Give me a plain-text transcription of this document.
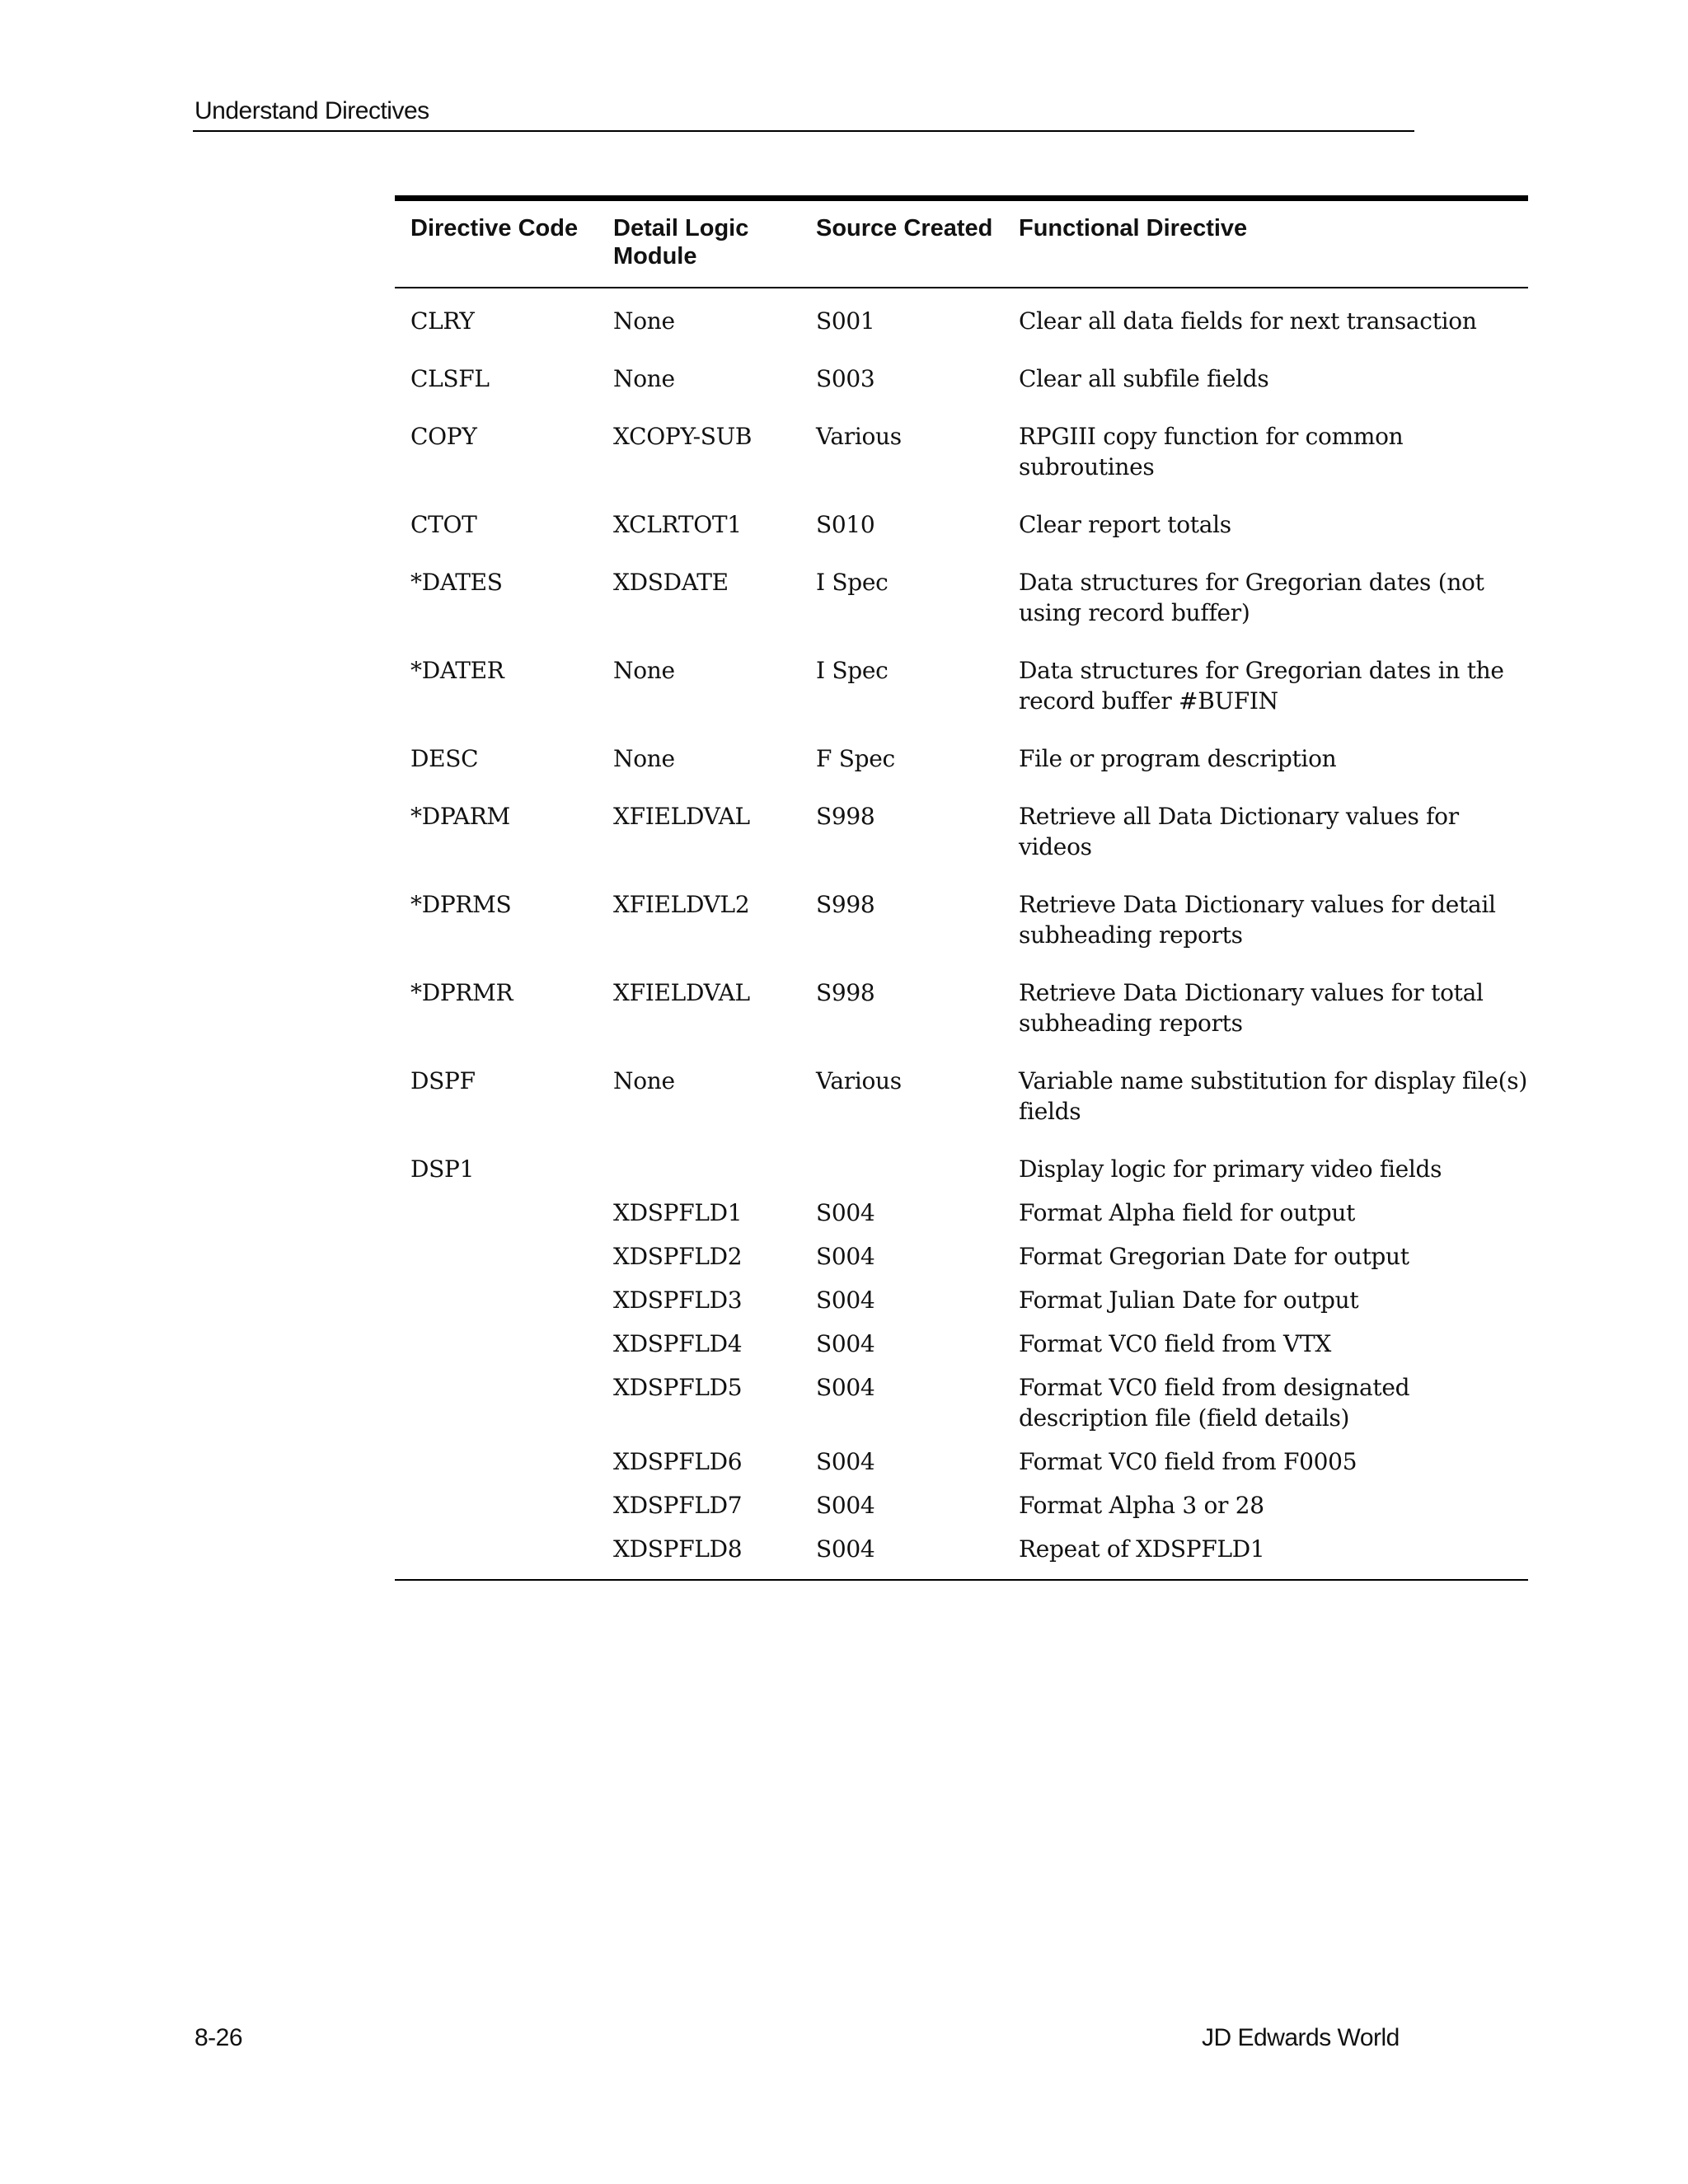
Understand Directives
Directive Code	Detail Logic Module	Source Created	Functional Directive
CLRY	None	S001	Clear all data fields for next transaction
CLSFL	None	S003	Clear all subfile fields
COPY	XCOPY-SUB	Various	RPGIII copy function for common subroutines
CTOT	XCLRTOT1	S010	Clear report totals
*DATES	XDSDATE	I Spec	Data structures for Gregorian dates (not using record buffer)
*DATER	None	I Spec	Data structures for Gregorian dates in the record buffer #BUFIN
DESC	None	F Spec	File or program description
*DPARM	XFIELDVAL	S998	Retrieve all Data Dictionary values for videos
*DPRMS	XFIELDVL2	S998	Retrieve Data Dictionary values for detail subheading reports
*DPRMR	XFIELDVAL	S998	Retrieve Data Dictionary values for total subheading reports
DSPF	None	Various	Variable name substitution for display file(s) fields
DSP1			Display logic for primary video fields
	XDSPFLD1	S004	Format Alpha field for output
	XDSPFLD2	S004	Format Gregorian Date for output
	XDSPFLD3	S004	Format Julian Date for output
	XDSPFLD4	S004	Format VC0 field from VTX
	XDSPFLD5	S004	Format VC0 field from designated description file (field details)
	XDSPFLD6	S004	Format VC0 field from F0005
	XDSPFLD7	S004	Format Alpha 3 or 28
	XDSPFLD8	S004	Repeat of XDSPFLD1
8-26	JD Edwards World
